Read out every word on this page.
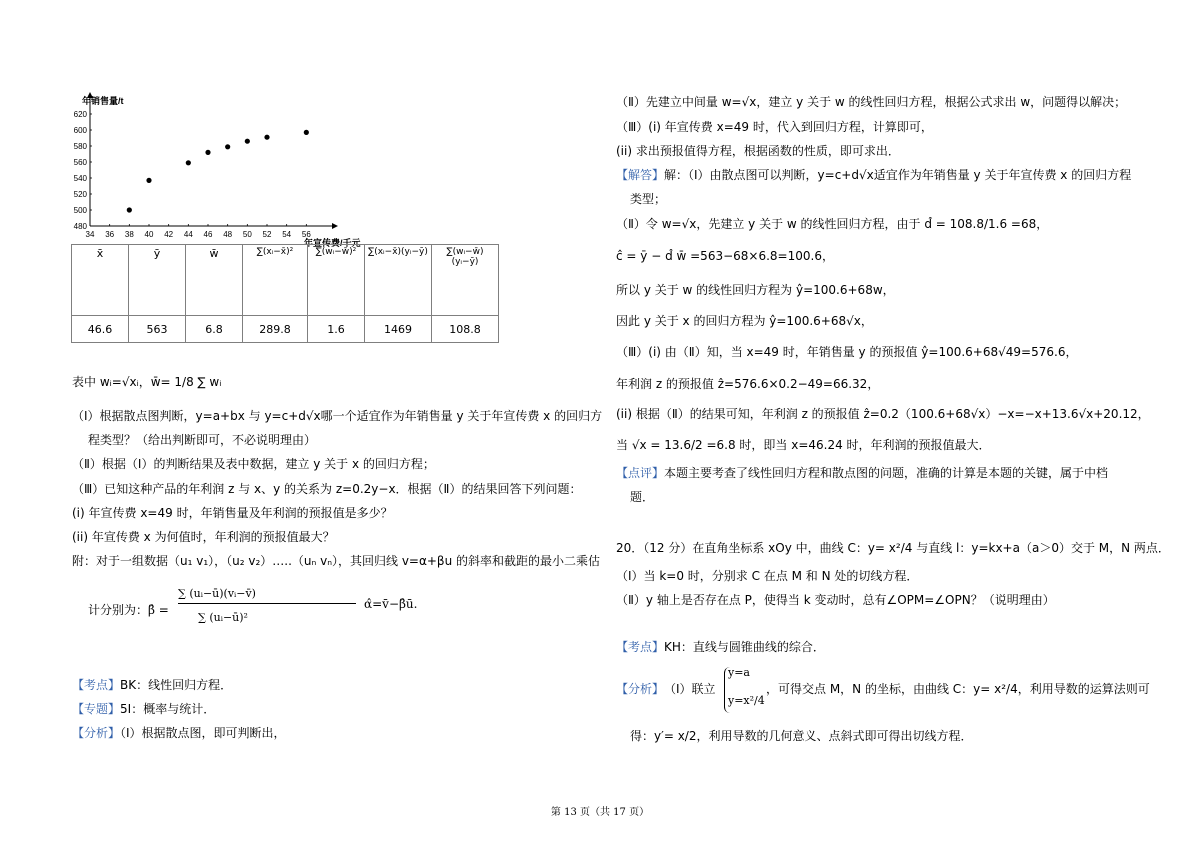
34 36 38 40 42 44 46 48 50 52 54 56
480
500
520
540
560
580
600
620
年销售量/t
年宣传费/千元
x̄	ȳ	w̄	∑(xᵢ−x̄)²	∑(wᵢ−w̄)²	∑(xᵢ−x̄)(yᵢ−ȳ)	∑(wᵢ−w̄)(yᵢ−ȳ)
46.6	563	6.8	289.8	1.6	1469	108.8
表中 wᵢ=√xᵢ，w̄= 1/8 ∑ wᵢ
（Ⅰ）根据散点图判断，y=a+bx 与 y=c+d√x哪一个适宜作为年销售量 y 关于年宣传费 x 的回归方
程类型？（给出判断即可，不必说明理由）
（Ⅱ）根据（Ⅰ）的判断结果及表中数据，建立 y 关于 x 的回归方程；
（Ⅲ）已知这种产品的年利润 z 与 x、y 的关系为 z=0.2y−x．根据（Ⅱ）的结果回答下列问题：
(i) 年宣传费 x=49 时，年销售量及年利润的预报值是多少？
(ii) 年宣传费 x 为何值时，年利润的预报值最大？
附：对于一组数据（u₁ v₁），（u₂ v₂）…..（uₙ vₙ），其回归线 v=α+βu 的斜率和截距的最小二乘估
计分别为： β̂ =
∑ (uᵢ−ū)(vᵢ−v̄)
∑ (uᵢ−ū)²
α̂=v̄−β̂ū.
【考点】BK：线性回归方程．
【专题】5I：概率与统计．
【分析】（Ⅰ）根据散点图，即可判断出，
（Ⅱ）先建立中间量 w=√x，建立 y 关于 w 的线性回归方程，根据公式求出 w，问题得以解决；
（Ⅲ）(i) 年宣传费 x=49 时，代入到回归方程，计算即可，
(ii) 求出预报值得方程，根据函数的性质，即可求出．
【解答】解：（Ⅰ）由散点图可以判断，y=c+d√x适宜作为年销售量 y 关于年宣传费 x 的回归方程
类型；
（Ⅱ）令 w=√x，先建立 y 关于 w 的线性回归方程，由于 d̂ = 108.8/1.6 =68，
ĉ = ȳ − d̂ w̄ =563−68×6.8=100.6，
所以 y 关于 w 的线性回归方程为 ŷ=100.6+68w，
因此 y 关于 x 的回归方程为 ŷ=100.6+68√x，
（Ⅲ）(i) 由（Ⅱ）知，当 x=49 时，年销售量 y 的预报值 ŷ=100.6+68√49=576.6，
年利润 z 的预报值 ẑ=576.6×0.2−49=66.32，
(ii) 根据（Ⅱ）的结果可知，年利润 z 的预报值 ẑ=0.2（100.6+68√x）−x=−x+13.6√x+20.12，
当 √x = 13.6/2 =6.8 时，即当 x=46.24 时，年利润的预报值最大．
【点评】本题主要考查了线性回归方程和散点图的问题，准确的计算是本题的关键，属于中档
题．
20．（12 分）在直角坐标系 xOy 中，曲线 C：y= x²/4 与直线 l：y=kx+a（a＞0）交于 M，N 两点．
（Ⅰ）当 k=0 时，分别求 C 在点 M 和 N 处的切线方程．
（Ⅱ）y 轴上是否存在点 P，使得当 k 变动时，总有∠OPM=∠OPN？（说明理由）
【考点】KH：直线与圆锥曲线的综合．
【分析】 （Ⅰ）联立
y=a
y=x²/4
，可得交点 M，N 的坐标，由曲线 C：y= x²/4，利用导数的运算法则可
得：y′= x/2，利用导数的几何意义、点斜式即可得出切线方程．
第 13 页（共 17 页）
